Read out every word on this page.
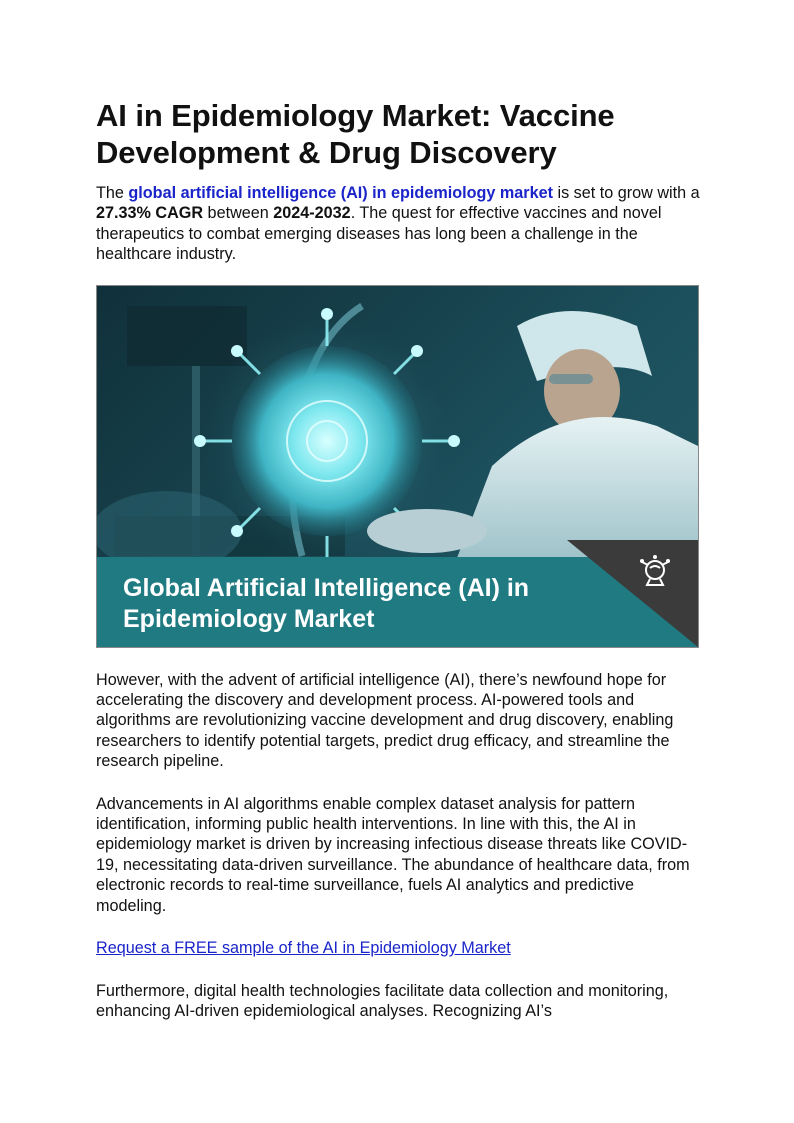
AI in Epidemiology Market: Vaccine Development & Drug Discovery

The global artificial intelligence (AI) in epidemiology market is set to grow with a 27.33% CAGR between 2024-2032. The quest for effective vaccines and novel therapeutics to combat emerging diseases has long been a challenge in the healthcare industry.

Global Artificial Intelligence (AI) in Epidemiology Market

However, with the advent of artificial intelligence (AI), there’s newfound hope for accelerating the discovery and development process. AI-powered tools and algorithms are revolutionizing vaccine development and drug discovery, enabling researchers to identify potential targets, predict drug efficacy, and streamline the research pipeline.

Advancements in AI algorithms enable complex dataset analysis for pattern identification, informing public health interventions. In line with this, the AI in epidemiology market is driven by increasing infectious disease threats like COVID-19, necessitating data-driven surveillance. The abundance of healthcare data, from electronic records to real-time surveillance, fuels AI analytics and predictive modeling.

Request a FREE sample of the AI in Epidemiology Market

Furthermore, digital health technologies facilitate data collection and monitoring, enhancing AI-driven epidemiological analyses. Recognizing AI’s
